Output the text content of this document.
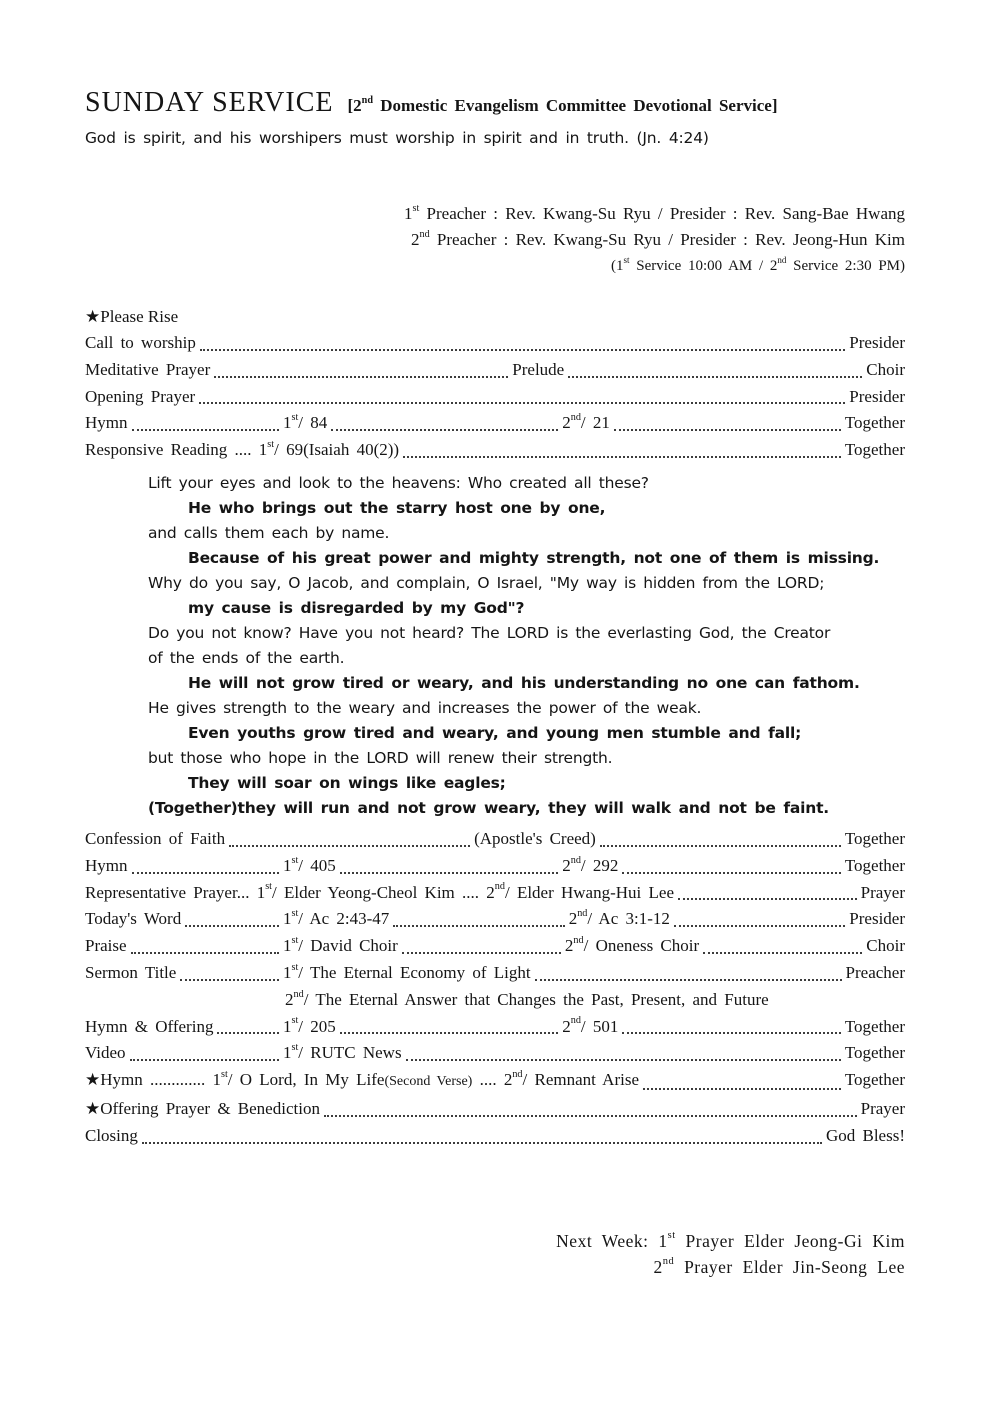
SUNDAY SERVICE [2nd Domestic Evangelism Committee Devotional Service]
God is spirit, and his worshipers must worship in spirit and in truth. (Jn. 4:24)
1st Preacher : Rev. Kwang-Su Ryu / Presider : Rev. Sang-Bae Hwang
2nd Preacher : Rev. Kwang-Su Ryu / Presider : Rev. Jeong-Hun Kim
(1st Service 10:00 AM / 2nd Service 2:30 PM)
★Please Rise
Call to worship	Presider
Meditative Prayer	Prelude	Choir
Opening Prayer	Presider
Hymn	1st/ 84	2nd/ 21	Together
Responsive Reading .... 1st/ 69(Isaiah 40(2))	Together

Lift your eyes and look to the heavens: Who created all these?

He who brings out the starry host one by one,

and calls them each by name.

Because of his great power and mighty strength, not one of them is missing.

Why do you say, O Jacob, and complain, O Israel, "My way is hidden from the LORD;

my cause is disregarded by my God"?

Do you not know? Have you not heard? The LORD is the everlasting God, the Creator

of the ends of the earth.

He will not grow tired or weary, and his understanding no one can fathom.

He gives strength to the weary and increases the power of the weak.

Even youths grow tired and weary, and young men stumble and fall;

but those who hope in the LORD will renew their strength.

They will soar on wings like eagles;

(Together)they will run and not grow weary, they will walk and not be faint.

Confession of Faith	(Apostle's Creed)	Together
Hymn	1st/ 405	2nd/ 292	Together
Representative Prayer... 1st/ Elder Yeong-Cheol Kim .... 2nd/ Elder Hwang-Hui Lee	Prayer
Today's Word	1st/ Ac 2:43-47	2nd/ Ac 3:1-12	Presider
Praise	1st/ David Choir	2nd/ Oneness Choir	Choir
Sermon Title	1st/ The Eternal Economy of Light	Preacher
2nd/ The Eternal Answer that Changes the Past, Present, and Future
Hymn & Offering	1st/ 205	2nd/ 501	Together
Video	1st/ RUTC News	Together
★Hymn ............. 1st/ O Lord, In My Life(Second Verse) .... 2nd/ Remnant Arise	Together
★Offering Prayer & Benediction	Prayer
Closing	God Bless!
Next Week: 1st Prayer Elder Jeong-Gi Kim
2nd Prayer Elder Jin-Seong Lee
